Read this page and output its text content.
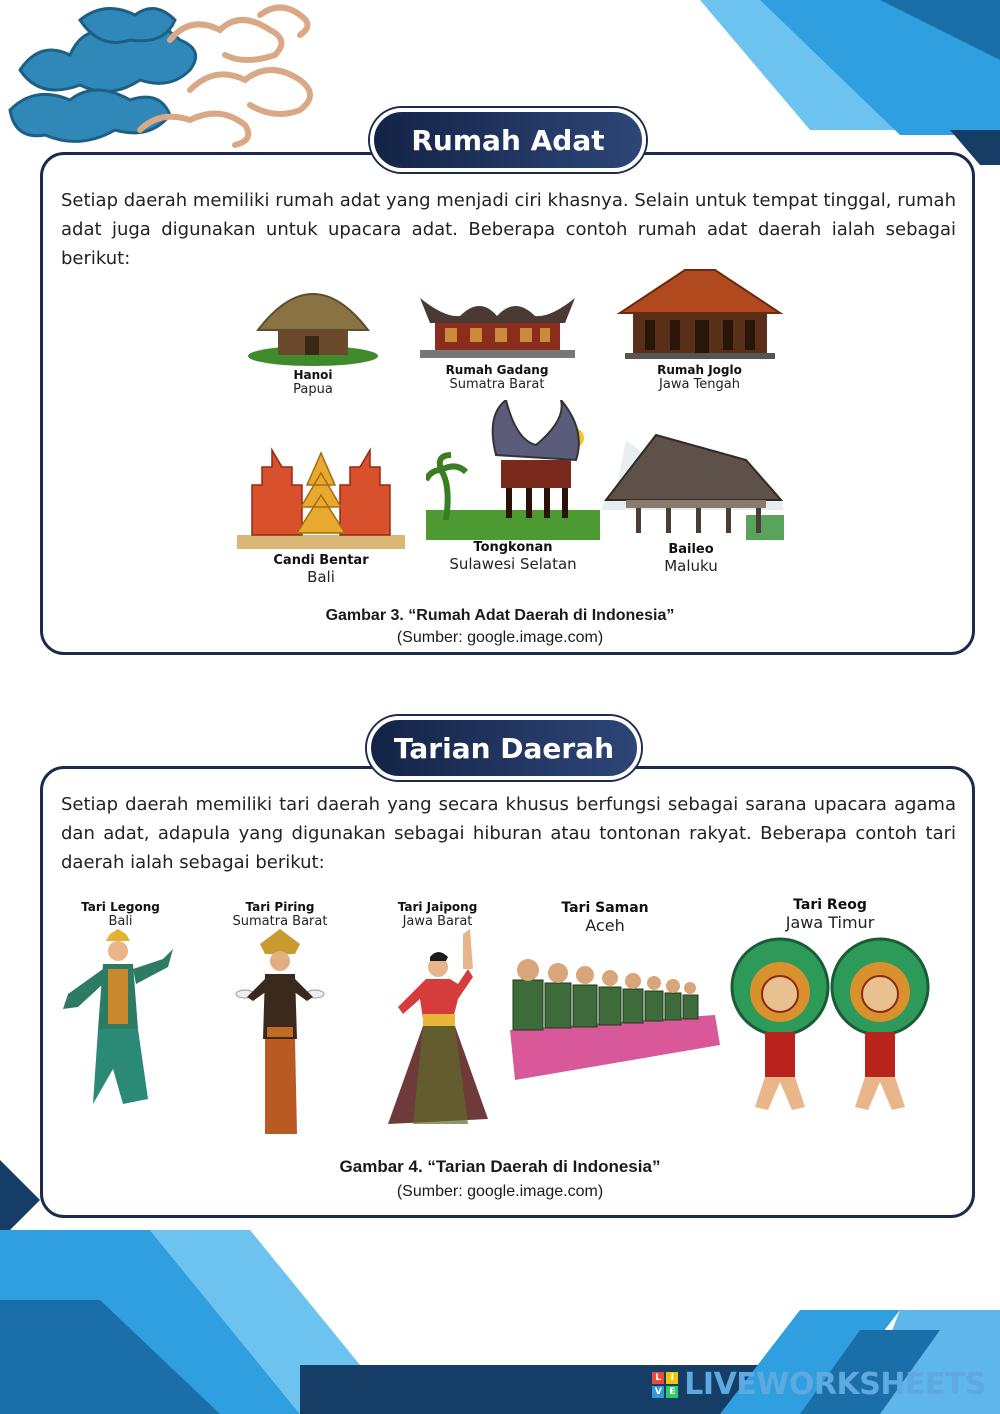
Rumah Adat
Setiap daerah memiliki rumah adat yang menjadi ciri khasnya. Selain untuk tempat tinggal, rumah adat juga digunakan untuk upacara adat. Beberapa contoh rumah adat daerah ialah sebagai berikut:
Hanoi
Papua
Rumah Gadang
Sumatra Barat
Rumah Joglo
Jawa Tengah
Candi Bentar
Bali
Tongkonan
Sulawesi Selatan
Baileo
Maluku
Gambar 3. “Rumah Adat Daerah di Indonesia”
(Sumber: google.image.com)
Tarian Daerah
Setiap daerah memiliki tari daerah yang secara khusus berfungsi sebagai sarana upacara agama dan adat, adapula yang digunakan sebagai hiburan atau tontonan rakyat. Beberapa contoh tari daerah ialah sebagai berikut:
Tari Legong
Bali
Tari Piring
Sumatra Barat
Tari Jaipong
Jawa Barat
Tari Saman
Aceh
Tari Reog
Jawa Timur
Gambar 4. “Tarian Daerah di Indonesia”
(Sumber: google.image.com)
L	I
V E LIVEWORKSHEETS
